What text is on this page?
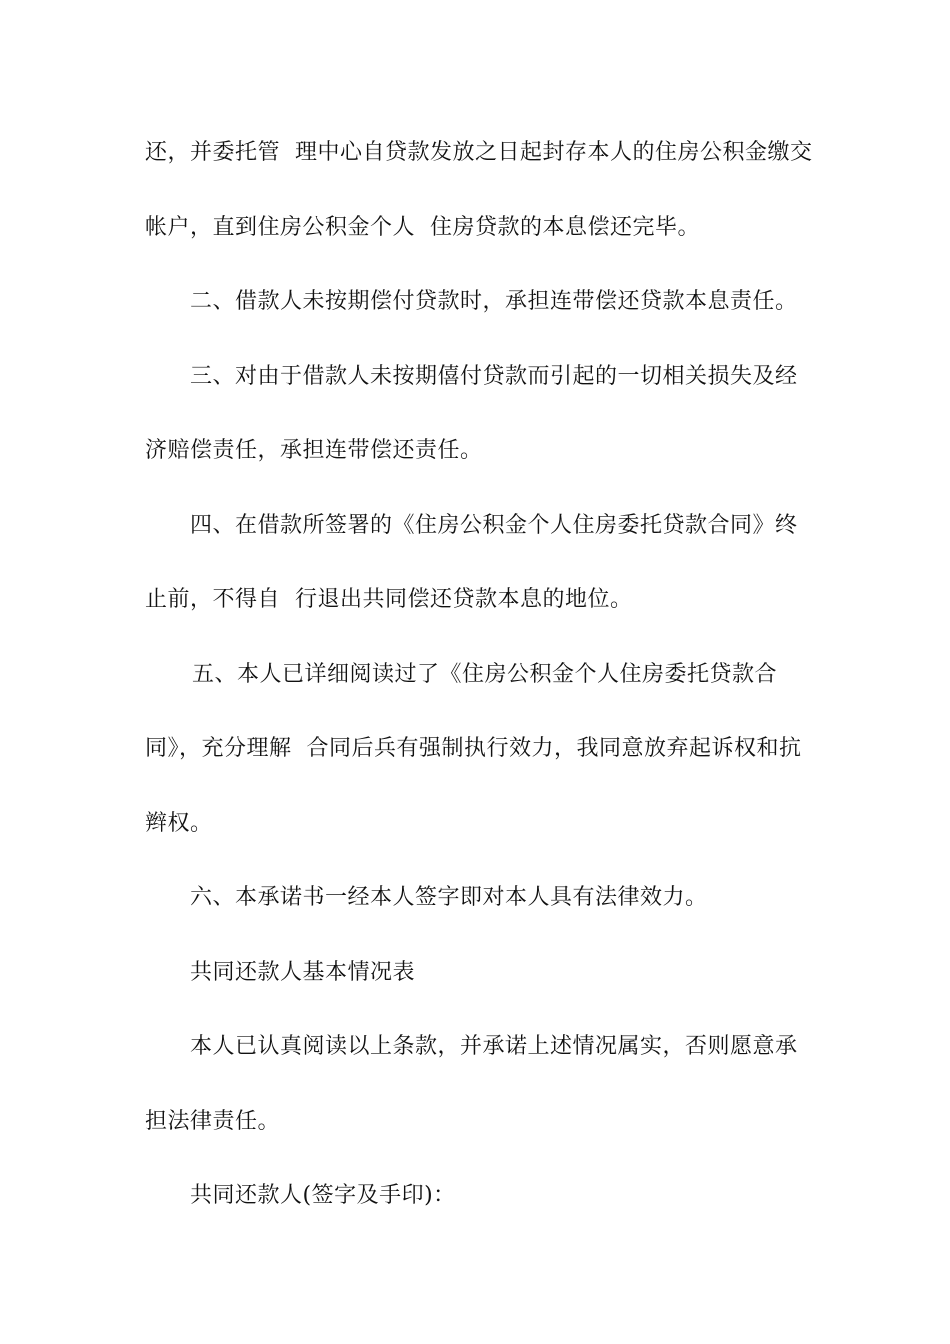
还，并委托管  理中心自贷款发放之日起封存本人的住房公积金缴交
帐户，直到住房公积金个人  住房贷款的本息偿还完毕。
二、借款人未按期偿付贷款时，承担连带偿还贷款本息责任。
三、对由于借款人未按期僖付贷款而引起的一切相关损失及经
济赔偿责任，承担连带偿还责任。
四、在借款所签署的《住房公积金个人住房委托贷款合同》终
止前，不得自  行退出共同偿还贷款本息的地位。
五、本人已详细阅读过了《住房公积金个人住房委托贷款合
同》，充分理解  合同后兵有强制执行效力，我同意放弃起诉权和抗
辫权。
六、本承诺书一经本人签字即对本人具有法律效力。
共同还款人基本情况表
本人已认真阅读以上条款，并承诺上述情况属实，否则愿意承
担法律责任。
共同还款人(签字及手印)：
